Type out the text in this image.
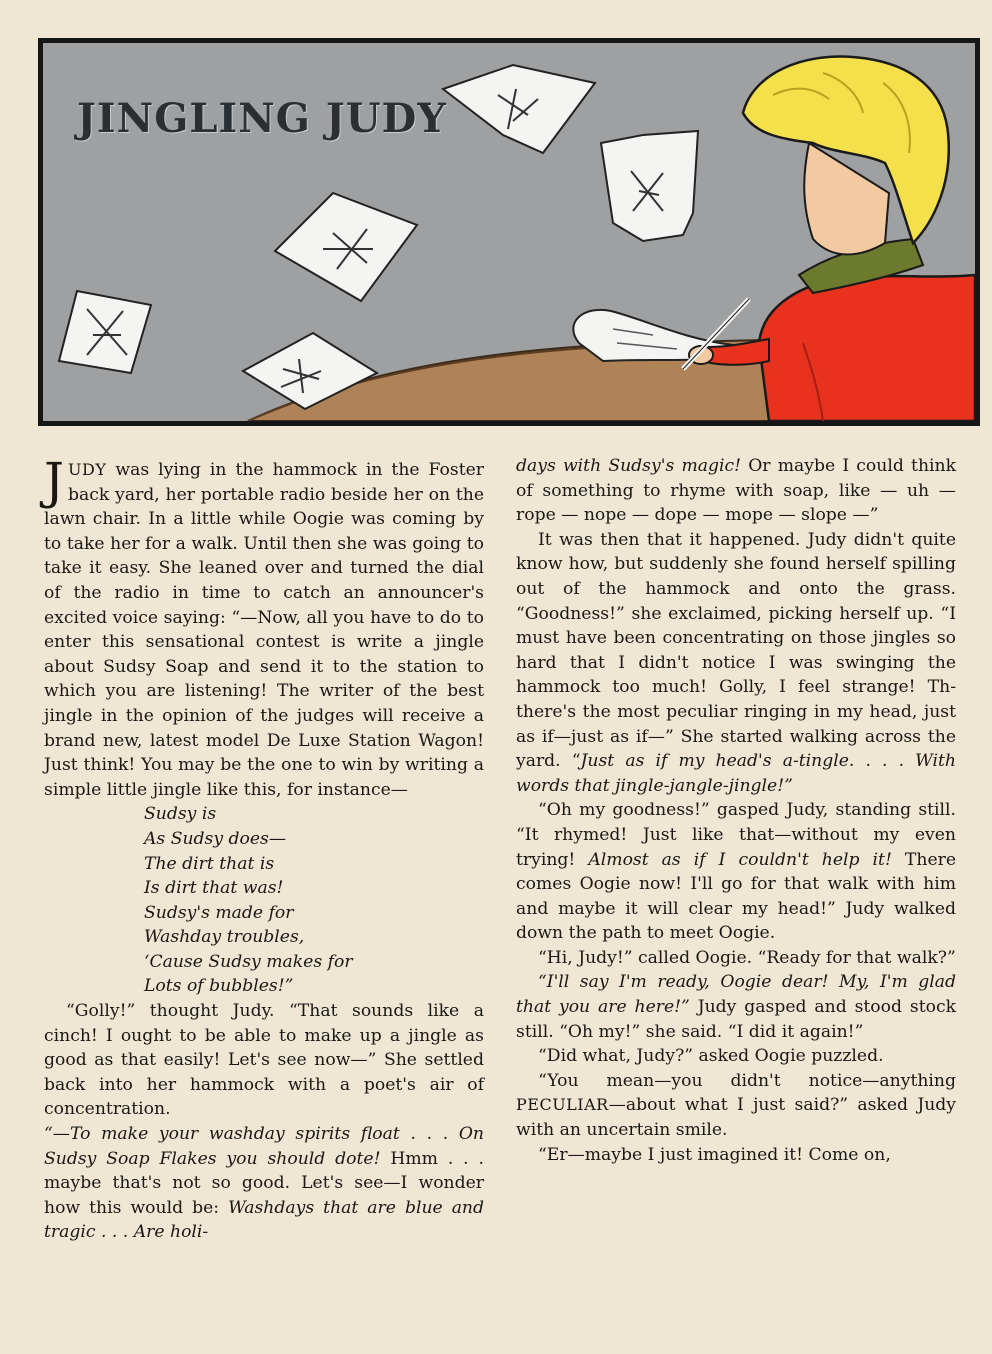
JINGLING JUDY

JUDY was lying in the hammock in the Foster back yard, her portable radio beside her on the lawn chair. In a little while Oogie was coming by to take her for a walk. Until then she was going to take it easy. She leaned over and turned the dial of the radio in time to catch an announcer's excited voice saying: “—Now, all you have to do to enter this sensational contest is write a jingle about Sudsy Soap and send it to the station to which you are listening! The writer of the best jingle in the opinion of the judges will receive a brand new, latest model De Luxe Station Wagon! Just think! You may be the one to win by writing a simple little jingle like this, for instance—

Sudsy is
As Sudsy does—
The dirt that is
Is dirt that was!
Sudsy's made for
Washday troubles,
‘Cause Sudsy makes for
Lots of bubbles!”

“Golly!” thought Judy. “That sounds like a cinch! I ought to be able to make up a jingle as good as that easily! Let's see now—” She settled back into her hammock with a poet's air of concentration.

“—To make your washday spirits float . . . On Sudsy Soap Flakes you should dote! Hmm . . . maybe that's not so good. Let's see—I wonder how this would be: Washdays that are blue and tragic . . . Are holi-

days with Sudsy's magic! Or maybe I could think of something to rhyme with soap, like — uh — rope — nope — dope — mope — slope —”

It was then that it happened. Judy didn't quite know how, but suddenly she found herself spilling out of the hammock and onto the grass. “Goodness!” she exclaimed, picking herself up. “I must have been concentrating on those jingles so hard that I didn't notice I was swinging the hammock too much! Golly, I feel strange! Th-there's the most peculiar ringing in my head, just as if—just as if—” She started walking across the yard. “Just as if my head's a-tingle. . . . With words that jingle-jangle-jingle!”

“Oh my goodness!” gasped Judy, standing still. “It rhymed! Just like that—without my even trying! Almost as if I couldn't help it! There comes Oogie now! I'll go for that walk with him and maybe it will clear my head!” Judy walked down the path to meet Oogie.

“Hi, Judy!” called Oogie. “Ready for that walk?”

“I'll say I'm ready, Oogie dear! My, I'm glad that you are here!” Judy gasped and stood stock still. “Oh my!” she said. “I did it again!”

“Did what, Judy?” asked Oogie puzzled.

“You mean—you didn't notice—anything PECULIAR—about what I just said?” asked Judy with an uncertain smile.

“Er—maybe I just imagined it! Come on,
